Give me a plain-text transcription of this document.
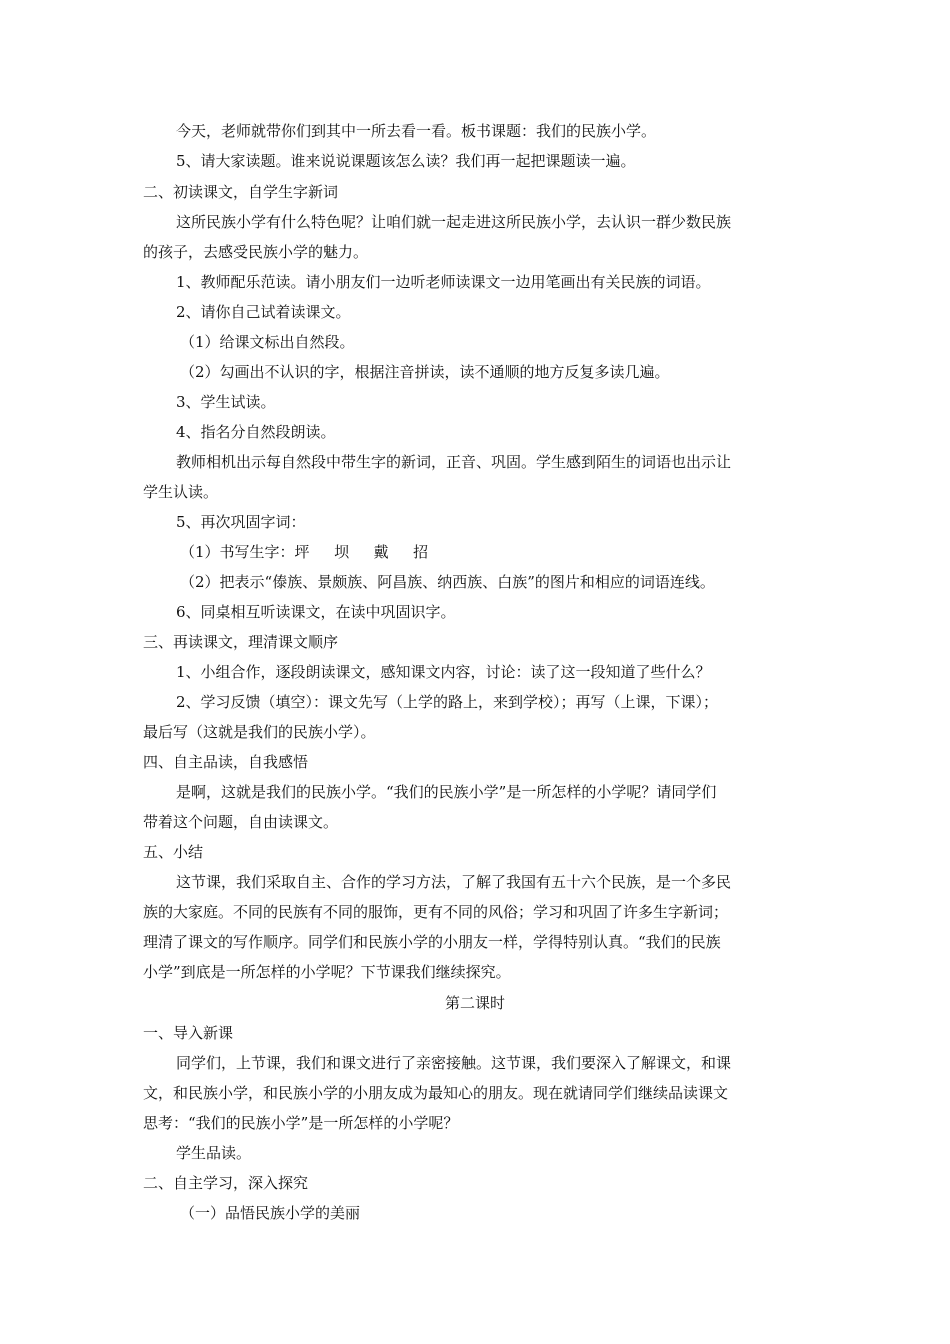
今天，老师就带你们到其中一所去看一看。板书课题：我们的民族小学。
5、请大家读题。谁来说说课题该怎么读？我们再一起把课题读一遍。
二、初读课文，自学生字新词
这所民族小学有什么特色呢？让咱们就一起走进这所民族小学，去认识一群少数民族
的孩子，去感受民族小学的魅力。
1、教师配乐范读。请小朋友们一边听老师读课文一边用笔画出有关民族的词语。
2、请你自己试着读课文。
（1）给课文标出自然段。
（2）勾画出不认识的字，根据注音拼读，读不通顺的地方反复多读几遍。
3、学生试读。
4、指名分自然段朗读。
教师相机出示每自然段中带生字的新词，正音、巩固。学生感到陌生的词语也出示让
学生认读。
5、再次巩固字词：
（1）书写生字：坪　  坝　  戴　  招
（2）把表示“傣族、景颇族、阿昌族、纳西族、白族”的图片和相应的词语连线。
6、同桌相互听读课文，在读中巩固识字。
三、再读课文，理清课文顺序
1、小组合作，逐段朗读课文，感知课文内容，讨论：读了这一段知道了些什么？
2、学习反馈（填空）：课文先写（上学的路上，来到学校）；再写（上课，下课）；
最后写（这就是我们的民族小学）。
四、自主品读，自我感悟
是啊，这就是我们的民族小学。“我们的民族小学”是一所怎样的小学呢？请同学们
带着这个问题，自由读课文。
五、小结
这节课，我们采取自主、合作的学习方法，了解了我国有五十六个民族，是一个多民
族的大家庭。不同的民族有不同的服饰，更有不同的风俗；学习和巩固了许多生字新词；
理清了课文的写作顺序。同学们和民族小学的小朋友一样，学得特别认真。“我们的民族
小学”到底是一所怎样的小学呢？下节课我们继续探究。
第二课时
一、导入新课
同学们，上节课，我们和课文进行了亲密接触。这节课，我们要深入了解课文，和课
文，和民族小学，和民族小学的小朋友成为最知心的朋友。现在就请同学们继续品读课文
思考：“我们的民族小学”是一所怎样的小学呢？
学生品读。
二、自主学习，深入探究
（一）品悟民族小学的美丽
